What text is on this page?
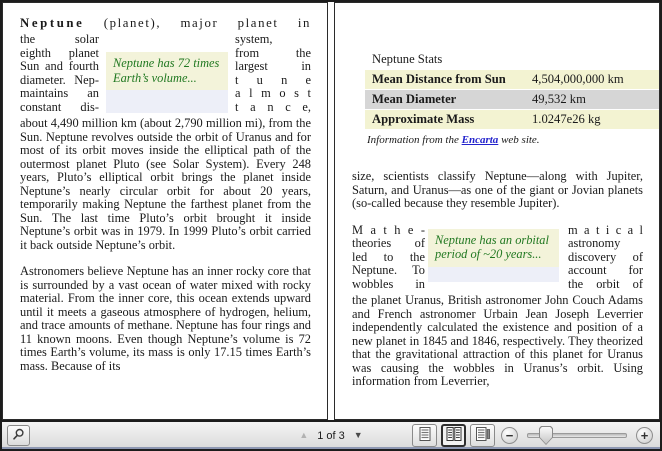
Neptune (planet), major planet in
the solar	system,
eighth planet	from the
Sun and fourth	largest in
diameter. Nep-	t u n e
maintains an	a l m o s t
constant dis-	t a n c e,
Neptune has 72 times Earth’s volume...
about 4,490 million km (about 2,790 million mi), from the Sun. Neptune revolves outside the orbit of Uranus and for most of its orbit moves inside the elliptical path of the outermost planet Pluto (see Solar System). Every 248 years, Pluto’s elliptical orbit brings the planet inside Neptune’s nearly circular orbit for about 20 years, temporarily making Neptune the farthest planet from the Sun. The last time Pluto’s orbit brought it inside Neptune’s orbit was in 1979. In 1999 Pluto’s orbit carried it back outside Neptune’s orbit.
Astronomers believe Neptune has an inner rocky core that is surrounded by a vast ocean of water mixed with rocky material. From the inner core, this ocean extends upward until it meets a gaseous atmosphere of hydrogen, helium, and trace amounts of methane. Neptune has four rings and 11 known moons. Even though Neptune’s volume is 72 times Earth’s volume, its mass is only 17.15 times Earth’s mass. Because of its
Neptune Stats
Mean Distance from Sun	4,504,000,000 km
Mean Diameter	49,532 km
Approximate Mass	1.0247e26 kg
Information from the Encarta web site.
size, scientists classify Neptune—along with Jupiter, Saturn, and Uranus—as one of the giant or Jovian planets (so-called because they resemble Jupiter).
M a t h e -	m a t i c a l
theories of	astronomy
led to the	discovery of
Neptune. To	account for
wobbles in	the orbit of
Neptune has an orbital period of ~20 years...
the planet Uranus, British astronomer John Couch Adams and French astronomer Urbain Jean Joseph Leverrier independently calculated the existence and position of a new planet in 1845 and 1846, respectively. They theorized that the gravitational attraction of this planet for Uranus was causing the wobbles in Uranus’s orbit. Using information from Leverrier,
▲ 1 of 3 ▼	−	+
